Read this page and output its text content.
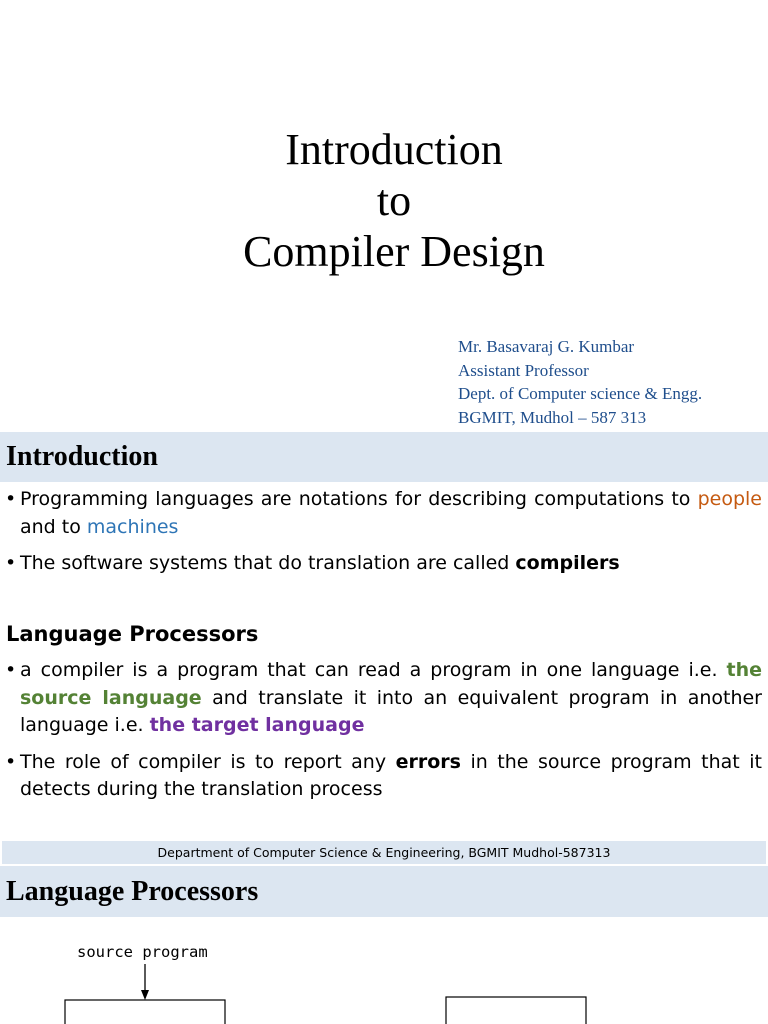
Introduction
to
Compiler Design
Mr. Basavaraj G. Kumbar
Assistant Professor
Dept. of Computer science & Engg.
BGMIT, Mudhol – 587 313
Introduction
• Programming languages are notations for describing computations to people and to machines
• The software systems that do translation are called compilers
Language Processors
• a compiler is a program that can read a program in one language i.e. the source language and translate it into an equivalent program in another language i.e. the target language
• The role of compiler is to report any errors in the source program that it detects during the translation process
Department of Computer Science & Engineering, BGMIT Mudhol-587313
Language Processors
source program
